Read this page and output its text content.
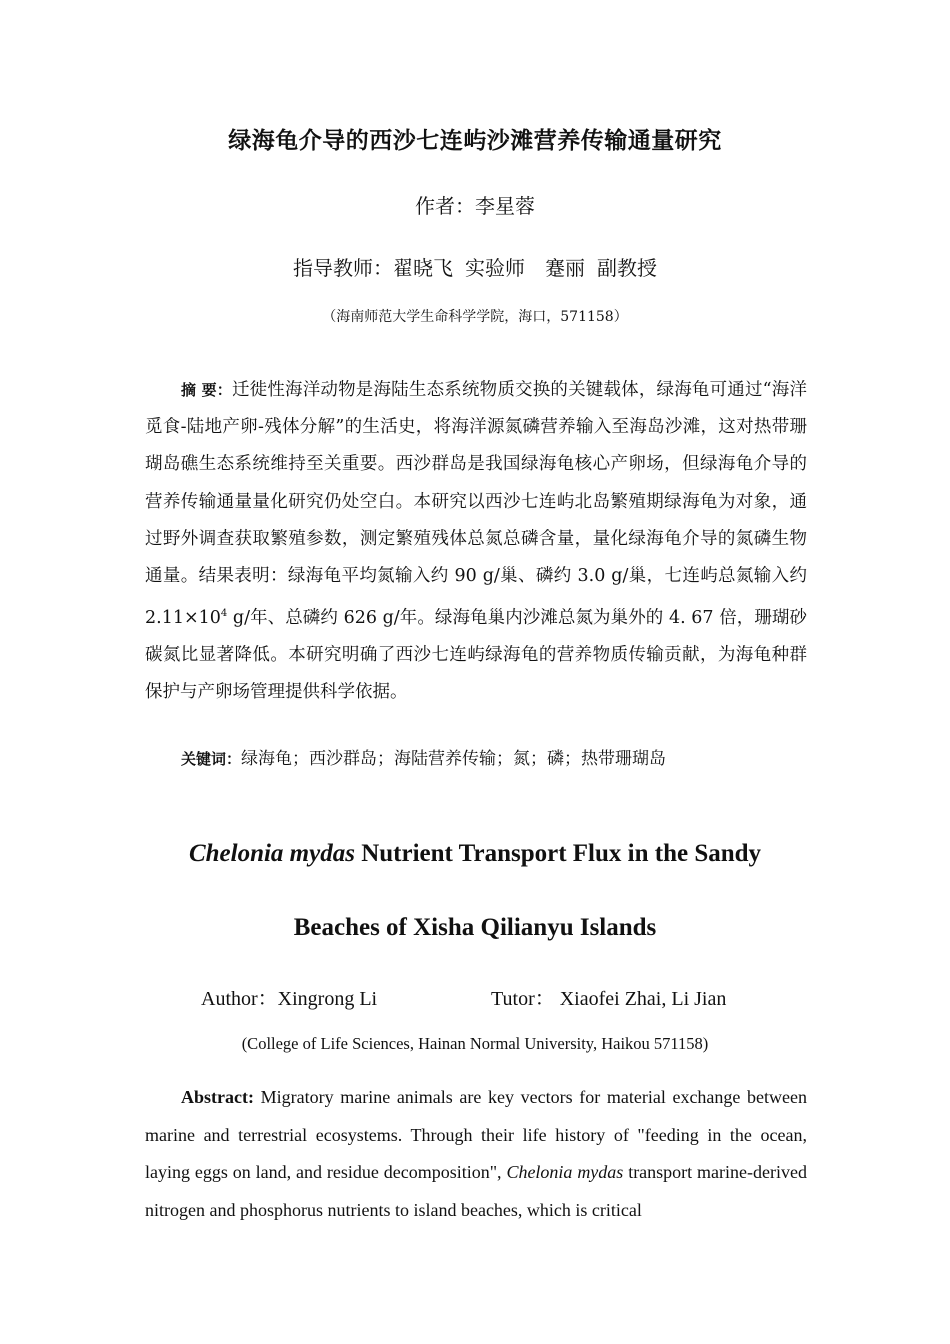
绿海龟介导的西沙七连屿沙滩营养传输通量研究
作者：李星蓉
指导教师：翟晓飞 实验师 蹇丽 副教授
（海南师范大学生命科学学院，海口，571158）
摘 要：迁徙性海洋动物是海陆生态系统物质交换的关键载体，绿海龟可通过“海洋觅食-陆地产卵-残体分解”的生活史，将海洋源氮磷营养输入至海岛沙滩，这对热带珊瑚岛礁生态系统维持至关重要。西沙群岛是我国绿海龟核心产卵场，但绿海龟介导的营养传输通量量化研究仍处空白。本研究以西沙七连屿北岛繁殖期绿海龟为对象，通过野外调查获取繁殖参数，测定繁殖残体总氮总磷含量，量化绿海龟介导的氮磷生物通量。结果表明：绿海龟平均氮输入约 90 g/巢、磷约 3.0 g/巢，七连屿总氮输入约 $2.11\times 10^4$ g/年、总磷约 626 g/年。绿海龟巢内沙滩总氮为巢外的 4. 67 倍，珊瑚砂碳氮比显著降低。本研究明确了西沙七连屿绿海龟的营养物质传输贡献，为海龟种群保护与产卵场管理提供科学依据。
关键词：绿海龟；西沙群岛；海陆营养传输；氮；磷；热带珊瑚岛
Chelonia mydas Nutrient Transport Flux in the Sandy
Beaches of Xisha Qilianyu Islands
Author：Xingrong Li	Tutor： Xiaofei Zhai, Li Jian
(College of Life Sciences, Hainan Normal University, Haikou 571158)
Abstract: Migratory marine animals are key vectors for material exchange between marine and terrestrial ecosystems. Through their life history of "feeding in the ocean, laying eggs on land, and residue decomposition", Chelonia mydas transport marine-derived nitrogen and phosphorus nutrients to island beaches, which is critical
